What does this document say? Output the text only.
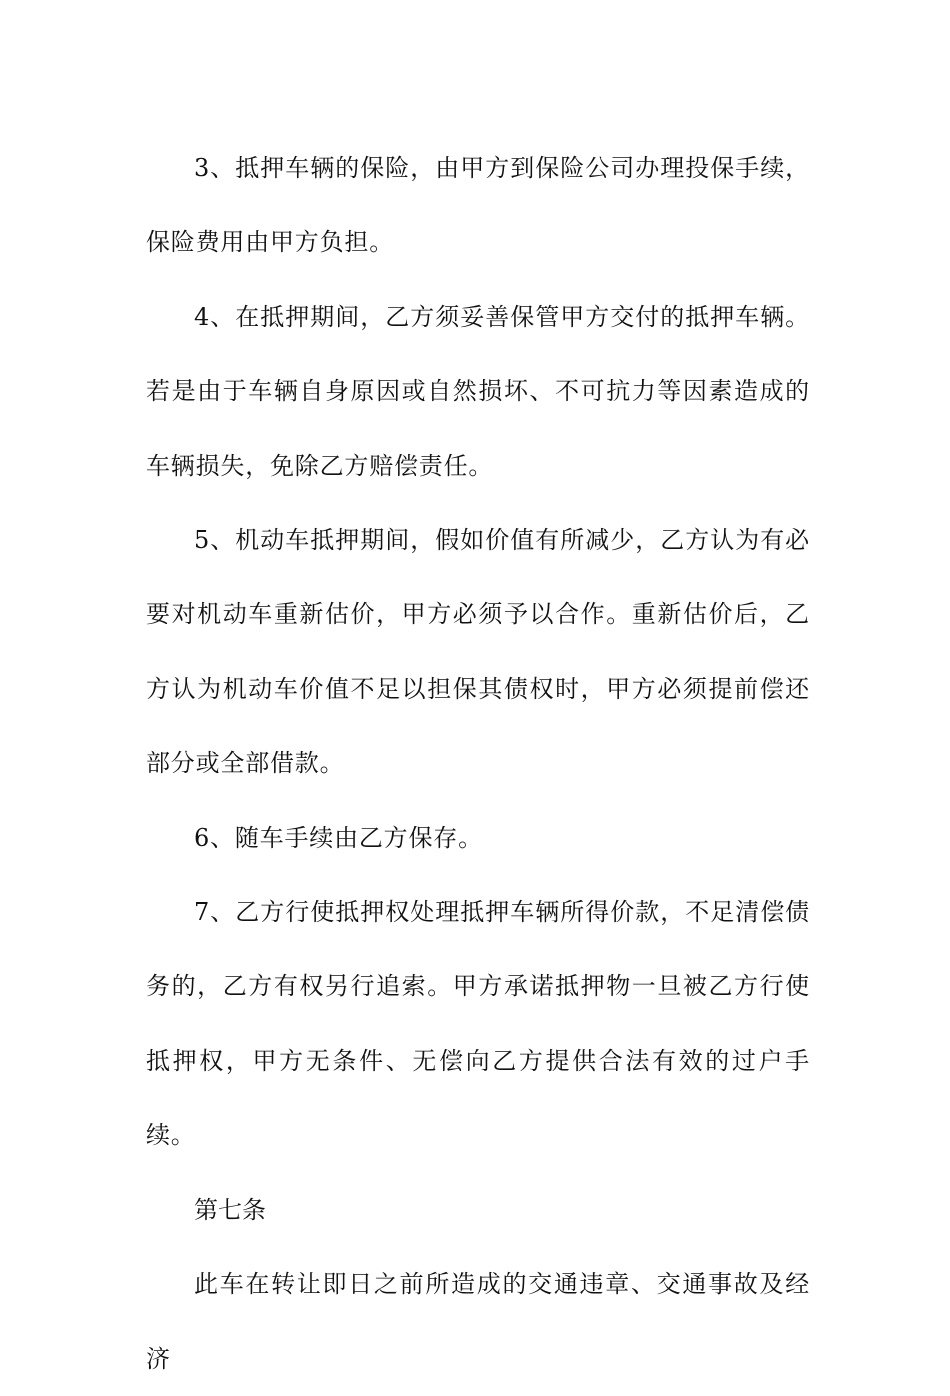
3、抵押车辆的保险，由甲方到保险公司办理投保手续，保险费用由甲方负担。

4、在抵押期间，乙方须妥善保管甲方交付的抵押车辆。若是由于车辆自身原因或自然损坏、不可抗力等因素造成的车辆损失，免除乙方赔偿责任。

5、机动车抵押期间，假如价值有所减少，乙方认为有必要对机动车重新估价，甲方必须予以合作。重新估价后，乙方认为机动车价值不足以担保其债权时，甲方必须提前偿还部分或全部借款。

6、随车手续由乙方保存。

7、乙方行使抵押权处理抵押车辆所得价款，不足清偿债务的，乙方有权另行追索。甲方承诺抵押物一旦被乙方行使抵押权，甲方无条件、无偿向乙方提供合法有效的过户手续。

第七条

此车在转让即日之前所造成的交通违章、交通事故及经济
